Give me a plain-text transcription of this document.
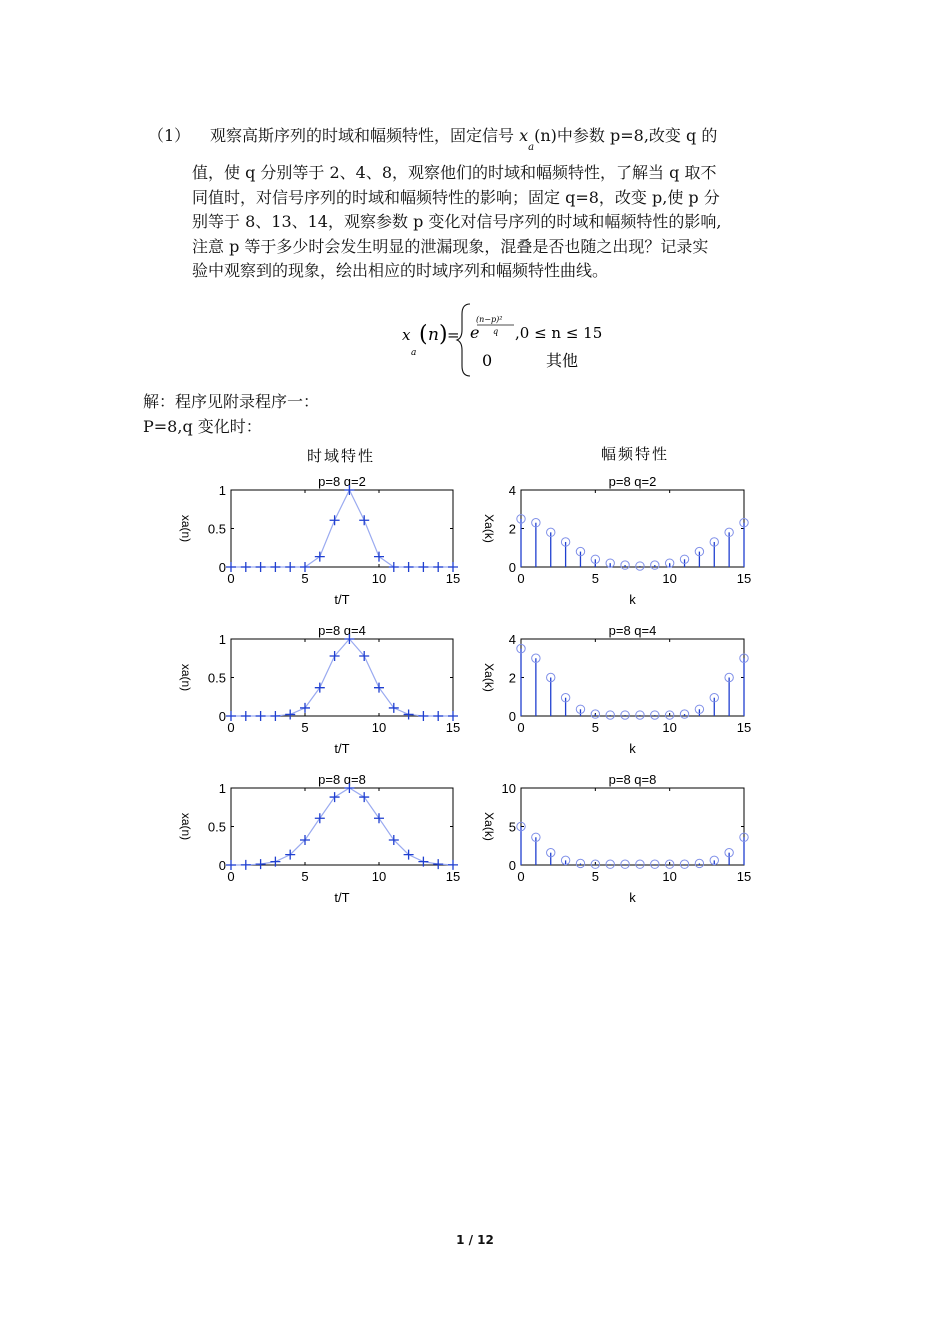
（1） 观察高斯序列的时域和幅频特性，固定信号 $x_a(n)$中参数 p=8,改变 q 的
值，使 q 分别等于 2、4、8，观察他们的时域和幅频特性，了解当 q 取不
同值时，对信号序列的时域和幅频特性的影响；固定 q=8，改变 p,使 p 分
别等于 8、13、14，观察参数 p 变化对信号序列的时域和幅频特性的影响,
注意 p 等于多少时会发生明显的泄漏现象，混叠是否也随之出现？记录实
验中观察到的现象，绘出相应的时域序列和幅频特性曲线。
x
a
( n ) = e
(n−p)²
q ,0 ≤ n ≤ 15
0	其他
解：程序见附录程序一：
P=8,q 变化时：
时域特性	幅频特性
p=8 q=2
0	5	10	15
0
0.5
1
t/T
xa(n)
p=8 q=2
0	5	10	15
0
2
4
k
Xa(k)
p=8 q=4
0	5	10	15
0
0.5
1
t/T
xa(n)
p=8 q=4
0	5	10	15
0
2
4
k
Xa(k)
p=8 q=8
0	5	10	15
0
0.5
1
t/T
xa(n)
p=8 q=8
0	5	10	15
0
5
10
k
Xa(k)
1 / 12
